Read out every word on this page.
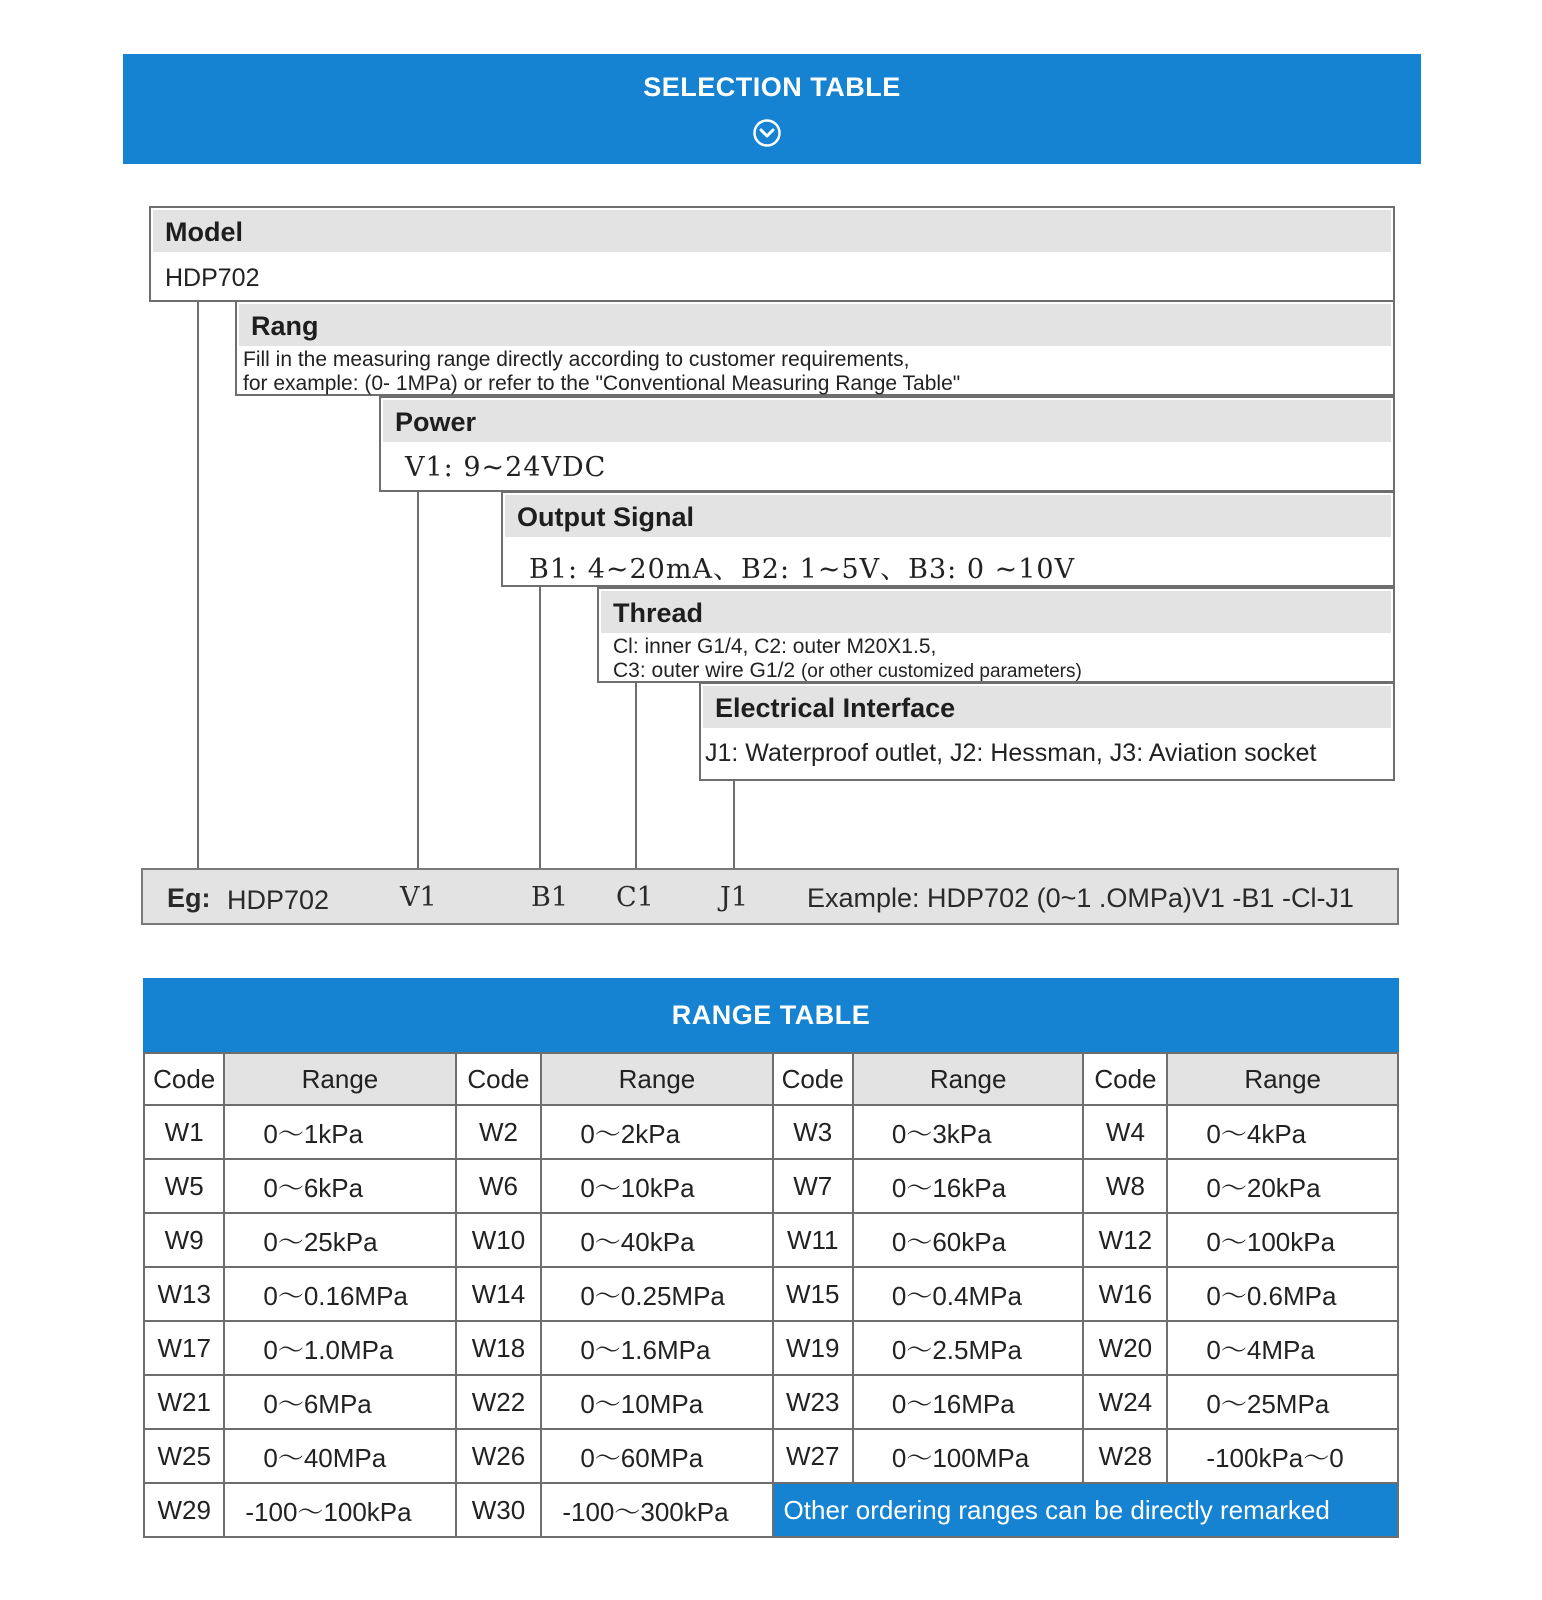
SELECTION TABLE
Model
HDP702
Rang
Fill in the measuring range directly according to customer requirements,
for example: (0- 1MPa) or refer to the "Conventional Measuring Range Table"
Power
V1: 9~24VDC
Output Signal
B1: 4~20mA、B2: 1~5V、B3: 0 ~10V
Thread
Cl: inner G1/4, C2: outer M20X1.5,
C3: outer wire G1/2 (or other customized parameters)
Electrical Interface
J1: Waterproof outlet, J2: Hessman, J3: Aviation socket
Eg: HDP702	V1	B1 C1 J1 Example: HDP702 (0~1 .OMPa)V1 -B1 -Cl-J1
RANGE TABLE
Code	Range	Code	Range	Code	Range	Code	Range
W1	0～1kPa	W2	0～2kPa	W3	0～3kPa	W4	0～4kPa
W5	0～6kPa	W6	0～10kPa	W7	0～16kPa	W8	0～20kPa
W9	0～25kPa	W10	0～40kPa	W11	0～60kPa	W12	0～100kPa
W13	0～0.16MPa	W14	0～0.25MPa	W15	0～0.4MPa	W16	0～0.6MPa
W17	0～1.0MPa	W18	0～1.6MPa	W19	0～2.5MPa	W20	0～4MPa
W21	0～6MPa	W22	0～10MPa	W23	0～16MPa	W24	0～25MPa
W25	0～40MPa	W26	0～60MPa	W27	0～100MPa	W28	-100kPa～0
W29	-100～100kPa	W30	-100～300kPa	Other ordering ranges can be directly remarked			
